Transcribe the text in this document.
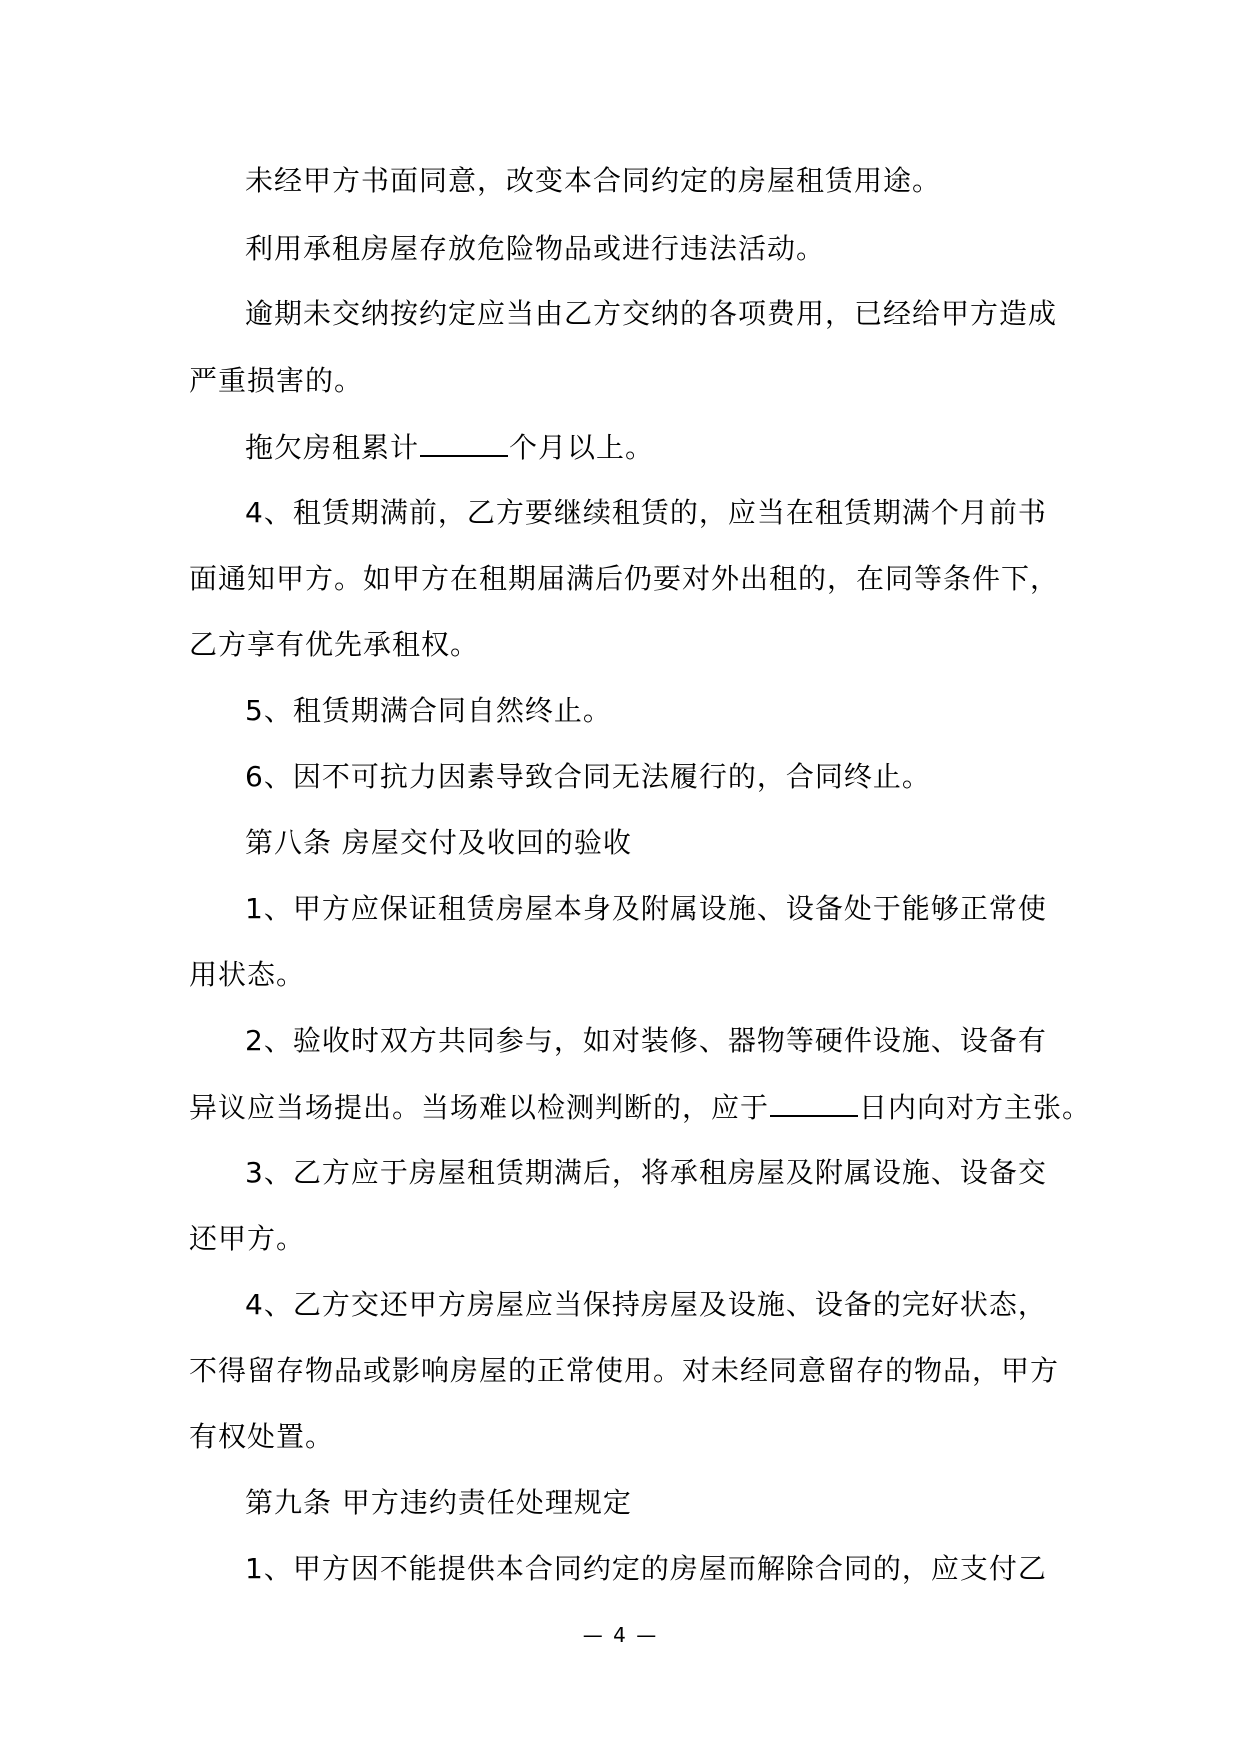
未经甲方书面同意，改变本合同约定的房屋租赁用途。
利用承租房屋存放危险物品或进行违法活动。
逾期未交纳按约定应当由乙方交纳的各项费用，已经给甲方造成
严重损害的。
拖欠房租累计	个月以上。
4、租赁期满前，乙方要继续租赁的，应当在租赁期满个月前书
面通知甲方。如甲方在租期届满后仍要对外出租的，在同等条件下，
乙方享有优先承租权。
5、租赁期满合同自然终止。
6、因不可抗力因素导致合同无法履行的，合同终止。
第八条 房屋交付及收回的验收
1、甲方应保证租赁房屋本身及附属设施、设备处于能够正常使
用状态。
2、验收时双方共同参与，如对装修、器物等硬件设施、设备有
异议应当场提出。当场难以检测判断的，应于	日内向对方主张。
3、乙方应于房屋租赁期满后，将承租房屋及附属设施、设备交
还甲方。
4、乙方交还甲方房屋应当保持房屋及设施、设备的完好状态，
不得留存物品或影响房屋的正常使用。对未经同意留存的物品，甲方
有权处置。
第九条 甲方违约责任处理规定
1、甲方因不能提供本合同约定的房屋而解除合同的，应支付乙
— 4 —
